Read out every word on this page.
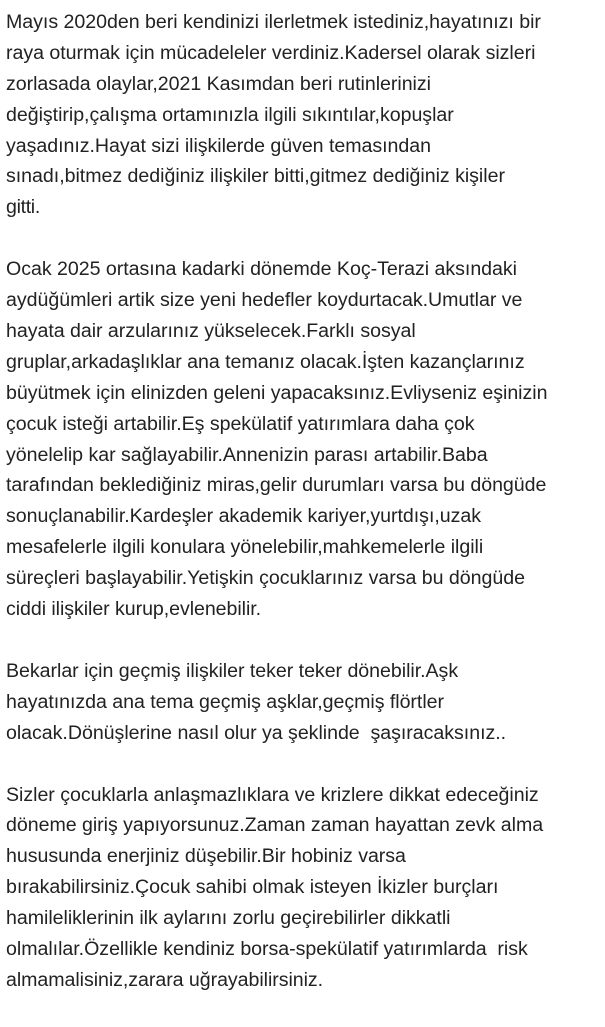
Mayıs 2020den beri kendinizi ilerletmek istediniz,hayatınızı bir
raya oturmak için mücadeleler verdiniz.Kadersel olarak sizleri
zorlasada olaylar,2021 Kasımdan beri rutinlerinizi
değiştirip,çalışma ortamınızla ilgili sıkıntılar,kopuşlar
yaşadınız.Hayat sizi ilişkilerde güven temasından
sınadı,bitmez dediğiniz ilişkiler bitti,gitmez dediğiniz kişiler
gitti.
Ocak 2025 ortasına kadarki dönemde Koç-Terazi aksındaki
aydüğümleri artik size yeni hedefler koydurtacak.Umutlar ve
hayata dair arzularınız yükselecek.Farklı sosyal
gruplar,arkadaşlıklar ana temanız olacak.İşten kazançlarınız
büyütmek için elinizden geleni yapacaksınız.Evliyseniz eşinizin
çocuk isteği artabilir.Eş spekülatif yatırımlara daha çok
yönelelip kar sağlayabilir.Annenizin parası artabilir.Baba
tarafından beklediğiniz miras,gelir durumları varsa bu döngüde
sonuçlanabilir.Kardeşler akademik kariyer,yurtdışı,uzak
mesafelerle ilgili konulara yönelebilir,mahkemelerle ilgili
süreçleri başlayabilir.Yetişkin çocuklarınız varsa bu döngüde
ciddi ilişkiler kurup,evlenebilir.
Bekarlar için geçmiş ilişkiler teker teker dönebilir.Aşk
hayatınızda ana tema geçmiş aşklar,geçmiş flörtler
olacak.Dönüşlerine nasıl olur ya şeklinde  şaşıracaksınız..
Sizler çocuklarla anlaşmazlıklara ve krizlere dikkat edeceğiniz
döneme giriş yapıyorsunuz.Zaman zaman hayattan zevk alma
hususunda enerjiniz düşebilir.Bir hobiniz varsa
bırakabilirsiniz.Çocuk sahibi olmak isteyen İkizler burçları
hamileliklerinin ilk aylarını zorlu geçirebilirler dikkatli
olmalılar.Özellikle kendiniz borsa-spekülatif yatırımlarda  risk
almamalisiniz,zarara uğrayabilirsiniz.
